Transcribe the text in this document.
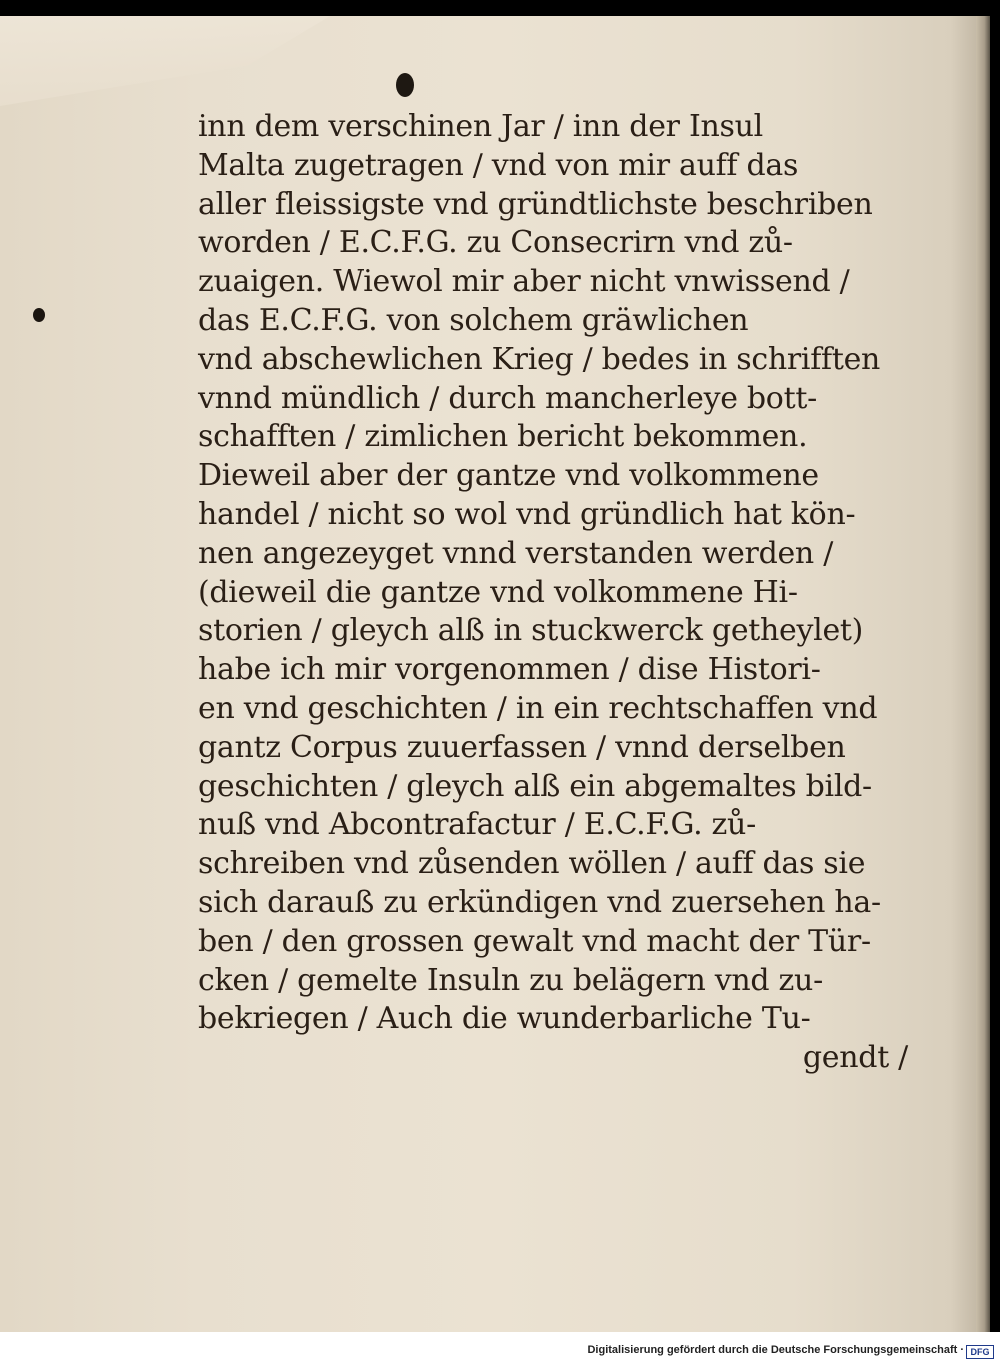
inn dem verschinen Jar / inn der Insul
Malta zugetragen / vnd von mir auff das
aller fleissigste vnd gründtlichste beschriben
worden / E.C.F.G. zu Consecrirn vnd zů-
zuaigen. Wiewol mir aber nicht vnwissend /
das E.C.F.G. von solchem gräwlichen
vnd abschewlichen Krieg / bedes in schrifften
vnnd mündlich / durch mancherleye bott-
schafften / zimlichen bericht bekommen.
Dieweil aber der gantze vnd volkommene
handel / nicht so wol vnd gründlich hat kön-
nen angezeyget vnnd verstanden werden /
(dieweil die gantze vnd volkommene Hi-
storien / gleych alß in stuckwerck getheylet)
habe ich mir vorgenommen / dise Histori-
en vnd geschichten / in ein rechtschaffen vnd
gantz Corpus zuuerfassen / vnnd derselben
geschichten / gleych alß ein abgemaltes bild-
nuß vnd Abcontrafactur / E.C.F.G. zů-
schreiben vnd zůsenden wöllen / auff das sie
sich darauß zu erkündigen vnd zuersehen ha-
ben / den grossen gewalt vnd macht der Tür-
cken / gemelte Insuln zu belägern vnd zu-
bekriegen / Auch die wunderbarliche Tu-
gendt /
Digitalisierung gefördert durch die Deutsche Forschungsgemeinschaft · DFG
